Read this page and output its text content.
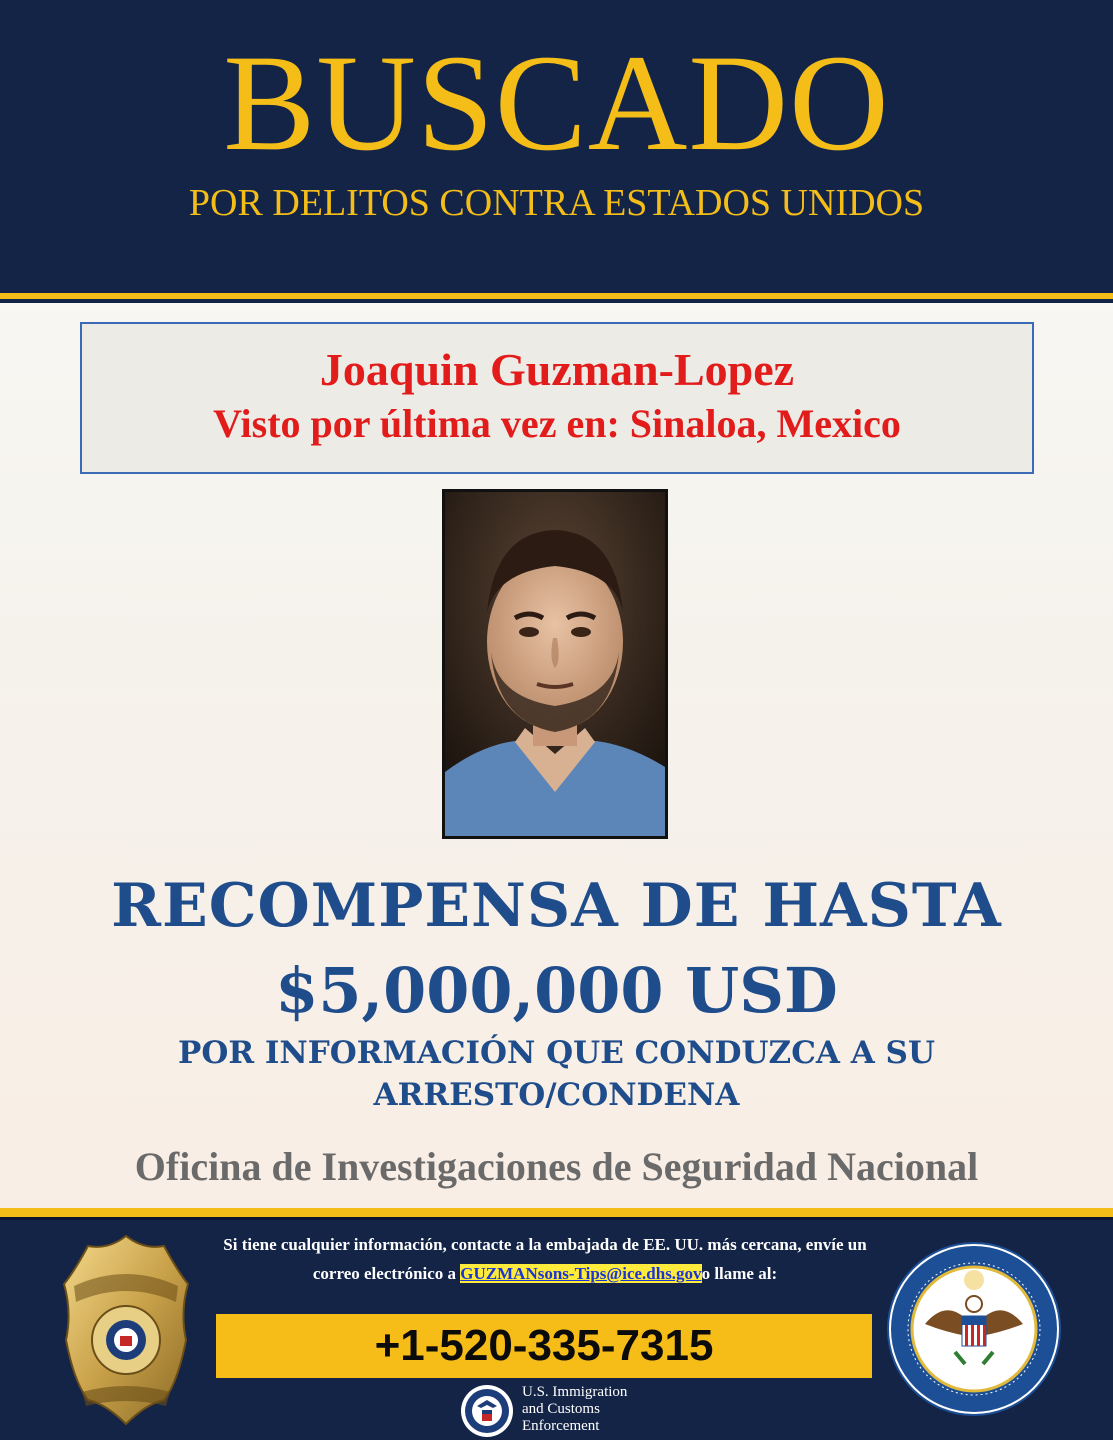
BUSCADO
POR DELITOS CONTRA ESTADOS UNIDOS
Joaquin Guzman-Lopez
Visto por última vez en: Sinaloa, Mexico
RECOMPENSA DE HASTA
$5,000,000 USD
POR INFORMACIÓN QUE CONDUZCA A SU ARRESTO/CONDENA
Oficina de Investigaciones de Seguridad Nacional
Si tiene cualquier información, contacte a la embajada de EE. UU. más cercana, envíe un correo electrónico a GUZMANsons-Tips@ice.dhs.govo llame al:
+1-520-335-7315
U.S. Immigration
and Customs
Enforcement
